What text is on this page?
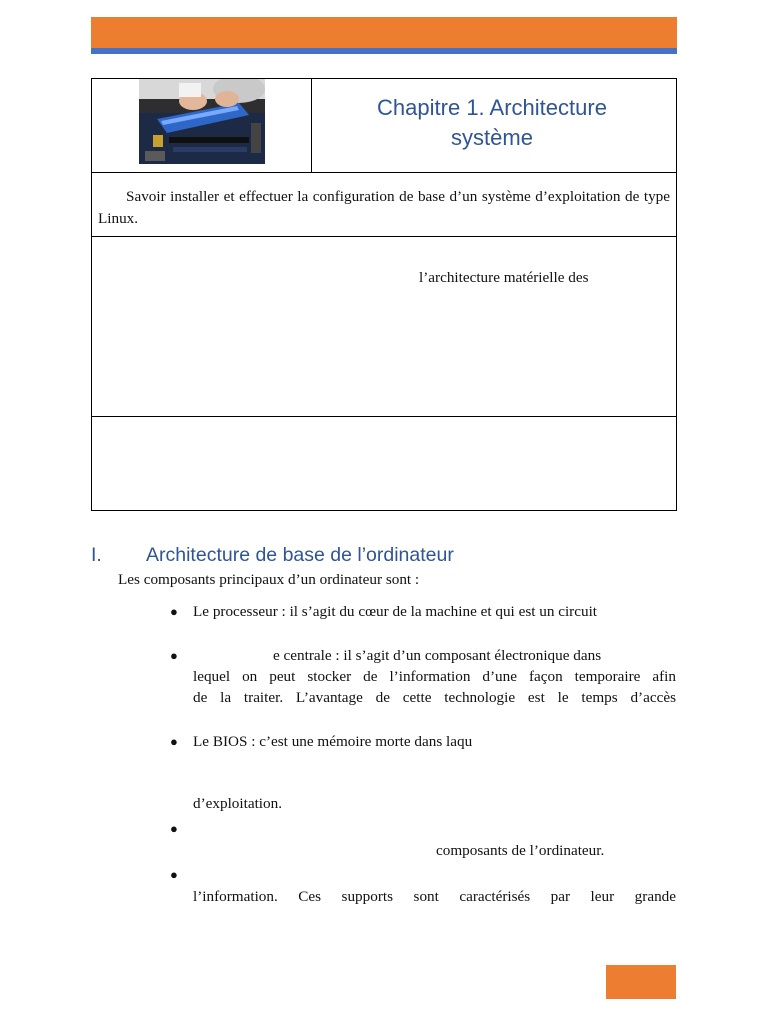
Chapitre 1. Architecture
système

Savoir installer et effectuer la configuration de base d’un système d’exploitation de type Linux.

l’architecture matérielle des

I. Architecture de base de l’ordinateur

Les composants principaux d’un ordinateur sont :

● Le processeur : il s’agit du cœur de la machine et qui est un circuit

●	e centrale : il s’agit d’un composant électronique dans

lequel on peut stocker de l’information d’une façon temporaire afin

de la traiter. L’avantage de cette technologie est le temps d’accès

● Le BIOS : c’est une mémoire morte dans laqu

d’exploitation.

●

composants de l’ordinateur.

●

l’information. Ces supports sont caractérisés par leur grande
